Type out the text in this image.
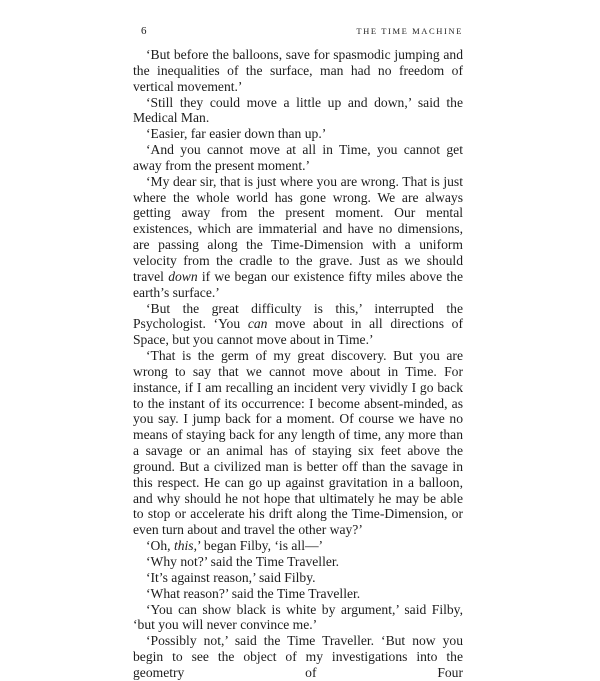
6	THE TIME MACHINE

‘But before the balloons, save for spasmodic jumping and the inequalities of the surface, man had no freedom of vertical movement.’

‘Still they could move a little up and down,’ said the Medical Man.

‘Easier, far easier down than up.’

‘And you cannot move at all in Time, you cannot get away from the present moment.’

‘My dear sir, that is just where you are wrong. That is just where the whole world has gone wrong. We are always getting away from the present moment. Our mental existences, which are immaterial and have no dimensions, are passing along the Time-Dimension with a uniform velocity from the cradle to the grave. Just as we should travel down if we began our existence fifty miles above the earth’s surface.’

‘But the great difficulty is this,’ interrupted the Psychologist. ‘You can move about in all directions of Space, but you cannot move about in Time.’

‘That is the germ of my great discovery. But you are wrong to say that we cannot move about in Time. For instance, if I am recalling an incident very vividly I go back to the instant of its occurrence: I become absent-minded, as you say. I jump back for a moment. Of course we have no means of staying back for any length of time, any more than a savage or an animal has of staying six feet above the ground. But a civilized man is better off than the savage in this respect. He can go up against gravitation in a balloon, and why should he not hope that ultimately he may be able to stop or accelerate his drift along the Time-Dimension, or even turn about and travel the other way?’

‘Oh, this,’ began Filby, ‘is all—’

‘Why not?’ said the Time Traveller.

‘It’s against reason,’ said Filby.

‘What reason?’ said the Time Traveller.

‘You can show black is white by argument,’ said Filby, ‘but you will never convince me.’

‘Possibly not,’ said the Time Traveller. ‘But now you begin to see the object of my investigations into the geometry of Four
